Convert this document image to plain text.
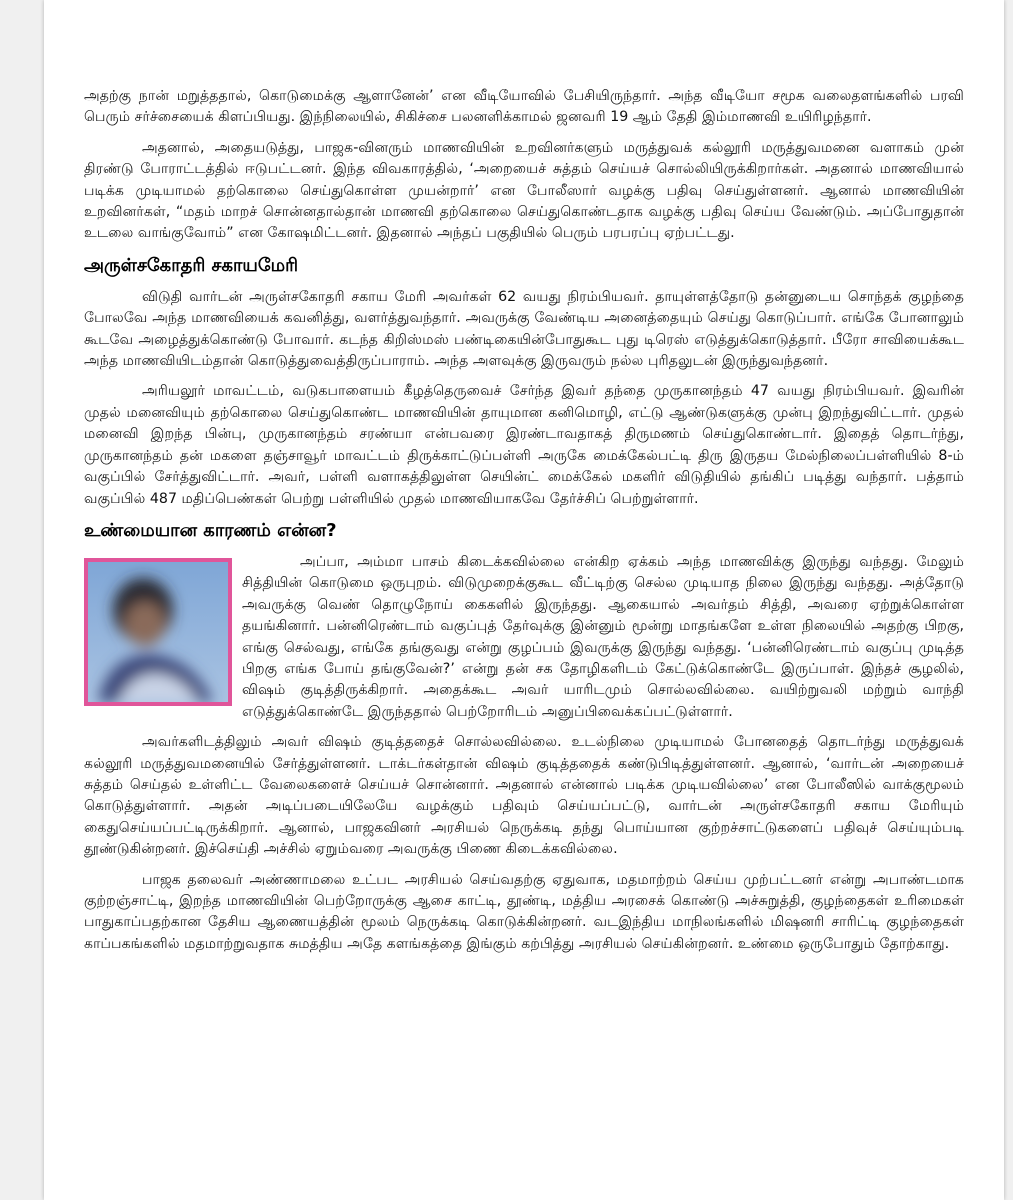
அதற்கு நான் மறுத்ததால், கொடுமைக்கு ஆளானேன்’ என வீடியோவில் பேசியிருந்தார். அந்த வீடியோ சமூக வலைதளங்களில் பரவி பெரும் சர்ச்சையைக் கிளப்பியது. இந்நிலையில், சிகிச்சை பலனளிக்காமல் ஜனவரி 19 ஆம் தேதி இம்மாணவி உயிரிழந்தார்.

அதனால், அதையடுத்து, பாஜக-வினரும் மாணவியின் உறவினர்களும் மருத்துவக் கல்லூரி மருத்துவமனை வளாகம் முன் திரண்டு போராட்டத்தில் ஈடுபட்டனர். இந்த விவகாரத்தில், ‘அறையைச் சுத்தம் செய்யச் சொல்லியிருக்கிறார்கள். அதனால் மாணவியால் படிக்க முடியாமல் தற்கொலை செய்துகொள்ள முயன்றார்’ என போலீஸார் வழக்கு பதிவு செய்துள்ளனர். ஆனால் மாணவியின் உறவினர்கள், “மதம் மாறச் சொன்னதால்தான் மாணவி தற்கொலை செய்துகொண்டதாக வழக்கு பதிவு செய்ய வேண்டும். அப்போதுதான் உடலை வாங்குவோம்” என கோஷமிட்டனர். இதனால் அந்தப் பகுதியில் பெரும் பரபரப்பு ஏற்பட்டது.

அருள்சகோதரி சகாயமேரி

விடுதி வார்டன் அருள்சகோதரி சகாய மேரி அவர்கள் 62 வயது நிரம்பியவர். தாயுள்ளத்தோடு தன்னுடைய சொந்தக் குழந்தை போலவே அந்த மாணவியைக் கவனித்து, வளர்த்துவந்தார். அவருக்கு வேண்டிய அனைத்தையும் செய்து கொடுப்பார். எங்கே போனாலும் கூடவே அழைத்துக்கொண்டு போவார். கடந்த கிறிஸ்மஸ் பண்டிகையின்போதுகூட புது டிரெஸ் எடுத்துக்கொடுத்தார். பீரோ சாவியைக்கூட அந்த மாணவியிடம்தான் கொடுத்துவைத்திருப்பாராம். அந்த அளவுக்கு இருவரும் நல்ல புரிதலுடன் இருந்துவந்தனர்.

அரியலூர் மாவட்டம், வடுகபாளையம் கீழத்தெருவைச் சேர்ந்த இவர் தந்தை முருகானந்தம் 47 வயது நிரம்பியவர். இவரின் முதல் மனைவியும் தற்கொலை செய்துகொண்ட மாணவியின் தாயுமான கனிமொழி, எட்டு ஆண்டுகளுக்கு முன்பு இறந்துவிட்டார். முதல் மனைவி இறந்த பின்பு, முருகானந்தம் சரண்யா என்பவரை இரண்டாவதாகத் திருமணம் செய்துகொண்டார். இதைத் தொடர்ந்து, முருகானந்தம் தன் மகளை தஞ்சாவூர் மாவட்டம் திருக்காட்டுப்பள்ளி அருகே மைக்கேல்பட்டி திரு இருதய மேல்நிலைப்பள்ளியில் 8-ம் வகுப்பில் சேர்த்துவிட்டார். அவர், பள்ளி வளாகத்திலுள்ள செயின்ட் மைக்கேல் மகளிர் விடுதியில் தங்கிப் படித்து வந்தார். பத்தாம் வகுப்பில் 487 மதிப்பெண்கள் பெற்று பள்ளியில் முதல் மாணவியாகவே தேர்ச்சிப் பெற்றுள்ளார்.

உண்மையான காரணம் என்ன?

அப்பா, அம்மா பாசம் கிடைக்கவில்லை என்கிற ஏக்கம் அந்த மாணவிக்கு இருந்து வந்தது. மேலும் சித்தியின் கொடுமை ஒருபுறம். விடுமுறைக்குகூட வீட்டிற்கு செல்ல முடியாத நிலை இருந்து வந்தது. அத்தோடு அவருக்கு வெண் தொழுநோய் கைகளில் இருந்தது. ஆகையால் அவர்தம் சித்தி, அவரை ஏற்றுக்கொள்ள தயங்கினார். பன்னிரெண்டாம் வகுப்புத் தேர்வுக்கு இன்னும் மூன்று மாதங்களே உள்ள நிலையில் அதற்கு பிறகு, எங்கு செல்வது, எங்கே தங்குவது என்று குழப்பம் இவருக்கு இருந்து வந்தது. ‘பன்னிரெண்டாம் வகுப்பு முடித்த பிறகு எங்க போய் தங்குவேன்?’ என்று தன் சக தோழிகளிடம் கேட்டுக்கொண்டே இருப்பாள். இந்தச் சூழலில், விஷம் குடித்திருக்கிறார். அதைக்கூட அவர் யாரிடமும் சொல்லவில்லை. வயிற்றுவலி மற்றும் வாந்தி எடுத்துக்கொண்டே இருந்ததால் பெற்றோரிடம் அனுப்பிவைக்கப்பட்டுள்ளார்.

அவர்களிடத்திலும் அவர் விஷம் குடித்ததைச் சொல்லவில்லை. உடல்நிலை முடியாமல் போனதைத் தொடர்ந்து மருத்துவக் கல்லூரி மருத்துவமனையில் சேர்த்துள்ளனர். டாக்டர்கள்தான் விஷம் குடித்ததைக் கண்டுபிடித்துள்ளனர். ஆனால், ‘வார்டன் அறையைச் சுத்தம் செய்தல் உள்ளிட்ட வேலைகளைச் செய்யச் சொன்னார். அதனால் என்னால் படிக்க முடியவில்லை’ என போலீஸில் வாக்குமூலம் கொடுத்துள்ளார். அதன் அடிப்படையிலேயே வழக்கும் பதிவும் செய்யப்பட்டு, வார்டன் அருள்சகோதரி சகாய மேரியும் கைதுசெய்யப்பட்டிருக்கிறார். ஆனால், பாஜகவினர் அரசியல் நெருக்கடி தந்து பொய்யான குற்றச்சாட்டுகளைப் பதிவுச் செய்யும்படி தூண்டுகின்றனர். இச்செய்தி அச்சில் ஏறும்வரை அவருக்கு பிணை கிடைக்கவில்லை.

பாஜக தலைவர் அண்ணாமலை உட்பட அரசியல் செய்வதற்கு ஏதுவாக, மதமாற்றம் செய்ய முற்பட்டனர் என்று அபாண்டமாக குற்றஞ்சாட்டி, இறந்த மாணவியின் பெற்றோருக்கு ஆசை காட்டி, தூண்டி, மத்திய அரசைக் கொண்டு அச்சுறுத்தி, குழந்தைகள் உரிமைகள் பாதுகாப்பதற்கான தேசிய ஆணையத்தின் மூலம் நெருக்கடி கொடுக்கின்றனர். வடஇந்திய மாநிலங்களில் மிஷனரி சாரிட்டி குழந்தைகள் காப்பகங்களில் மதமாற்றுவதாக சுமத்திய அதே களங்கத்தை இங்கும் கற்பித்து அரசியல் செய்கின்றனர். உண்மை ஒருபோதும் தோற்காது.
